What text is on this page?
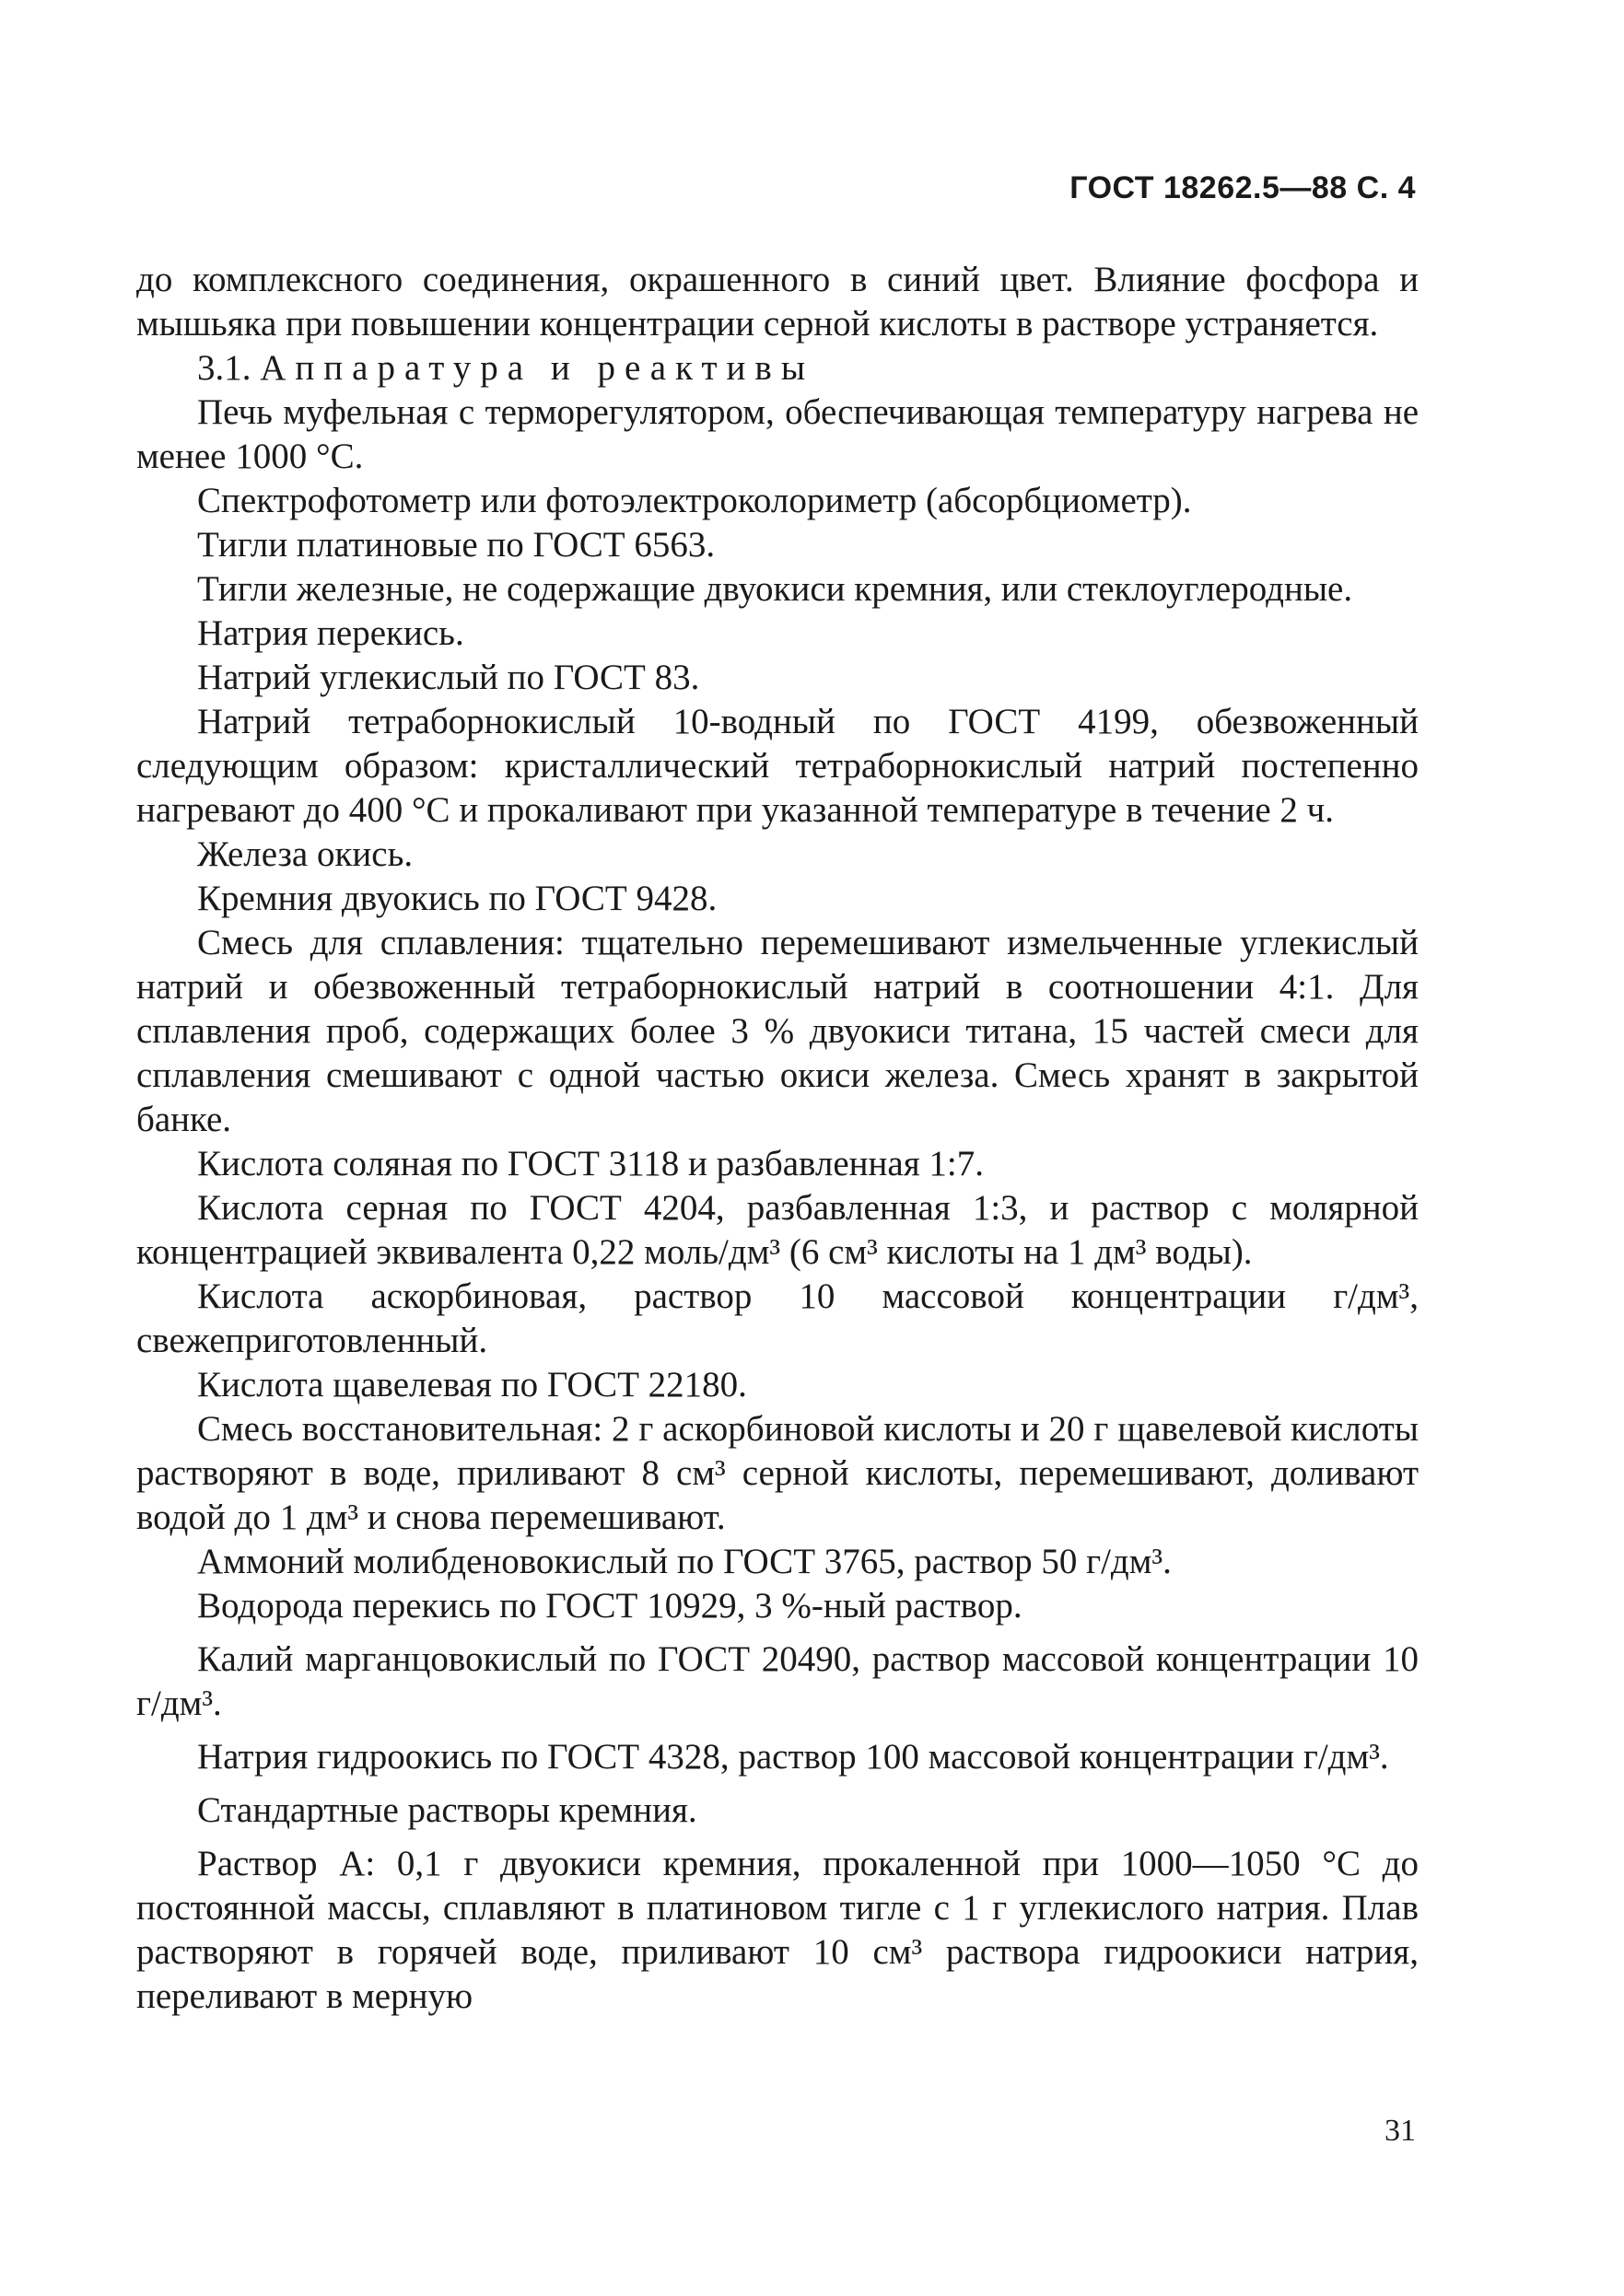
ГОСТ 18262.5—88 С. 4

до комплексного соединения, окрашенного в синий цвет. Влияние фосфора и мышьяка при повышении концентрации серной кислоты в растворе устраняется.

3.1. Аппаратура и реактивы

Печь муфельная с терморегулятором, обеспечивающая температуру нагрева не менее 1000 °С.

Спектрофотометр или фотоэлектроколориметр (абсорбциометр).

Тигли платиновые по ГОСТ 6563.

Тигли железные, не содержащие двуокиси кремния, или стеклоуглеродные.

Натрия перекись.

Натрий углекислый по ГОСТ 83.

Натрий тетраборнокислый 10-водный по ГОСТ 4199, обезвоженный следующим образом: кристаллический тетраборнокислый натрий постепенно нагревают до 400 °С и прокаливают при указанной температуре в течение 2 ч.

Железа окись.

Кремния двуокись по ГОСТ 9428.

Смесь для сплавления: тщательно перемешивают измельченные углекислый натрий и обезвоженный тетраборнокислый натрий в соотношении 4:1. Для сплавления проб, содержащих более 3 % двуокиси титана, 15 частей смеси для сплавления смешивают с одной частью окиси железа. Смесь хранят в закрытой банке.

Кислота соляная по ГОСТ 3118 и разбавленная 1:7.

Кислота серная по ГОСТ 4204, разбавленная 1:3, и раствор с молярной концентрацией эквивалента 0,22 моль/дм³ (6 см³ кислоты на 1 дм³ воды).

Кислота аскорбиновая, раствор 10 массовой концентрации г/дм³, свежеприготовленный.

Кислота щавелевая по ГОСТ 22180.

Смесь восстановительная: 2 г аскорбиновой кислоты и 20 г щавелевой кислоты растворяют в воде, приливают 8 см³ серной кислоты, перемешивают, доливают водой до 1 дм³ и снова перемешивают.

Аммоний молибденовокислый по ГОСТ 3765, раствор 50 г/дм³.

Водорода перекись по ГОСТ 10929, 3 %-ный раствор.

Калий марганцовокислый по ГОСТ 20490, раствор массовой концентрации 10 г/дм³.

Натрия гидроокись по ГОСТ 4328, раствор 100 массовой концентрации г/дм³.

Стандартные растворы кремния.

Раствор А: 0,1 г двуокиси кремния, прокаленной при 1000—1050 °С до постоянной массы, сплавляют в платиновом тигле с 1 г углекислого натрия. Плав растворяют в горячей воде, приливают 10 см³ раствора гидроокиси натрия, переливают в мерную

31
